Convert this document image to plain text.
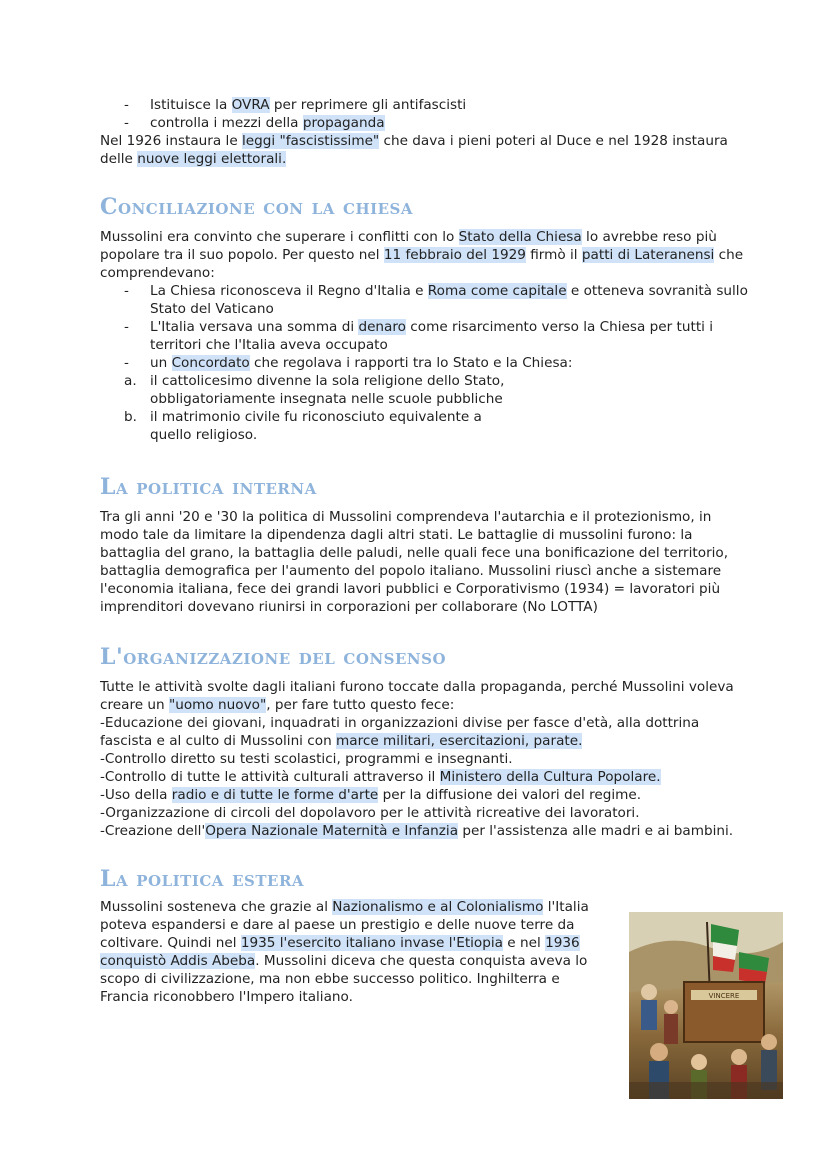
- Istituisce la OVRA per reprimere gli antifascisti
- controlla i mezzi della propaganda

Nel 1926 instaura le leggi "fascistissime" che dava i pieni poteri al Duce e nel 1928 instaura delle nuove leggi elettorali.

Conciliazione con la chiesa

Mussolini era convinto che superare i conflitti con lo Stato della Chiesa lo avrebbe reso più popolare tra il suo popolo. Per questo nel 11 febbraio del 1929 firmò il patti di Lateranensi che comprendevano:

- La Chiesa riconosceva il Regno d'Italia e Roma come capitale e otteneva sovranità sullo Stato del Vaticano
- L'Italia versava una somma di denaro come risarcimento verso la Chiesa per tutti i territori che l'Italia aveva occupato
- un Concordato che regolava i rapporti tra lo Stato e la Chiesa:
a. il cattolicesimo divenne la sola religione dello Stato, obbligatoriamente insegnata nelle scuole pubbliche
b. il matrimonio civile fu riconosciuto equivalente a quello religioso.
La politica interna

Tra gli anni '20 e '30 la politica di Mussolini comprendeva l'autarchia e il protezionismo, in modo tale da limitare la dipendenza dagli altri stati. Le battaglie di mussolini furono: la battaglia del grano, la battaglia delle paludi, nelle quali fece una bonificazione del territorio, battaglia demografica per l'aumento del popolo italiano. Mussolini riuscì anche a sistemare l'economia italiana, fece dei grandi lavori pubblici e Corporativismo (1934) = lavoratori più imprenditori dovevano riunirsi in corporazioni per collaborare (No LOTTA)

L'organizzazione del consenso
Tutte le attività svolte dagli italiani furono toccate dalla propaganda, perché Mussolini voleva creare un "uomo nuovo", per fare tutto questo fece:
-Educazione dei giovani, inquadrati in organizzazioni divise per fasce d'età, alla dottrina fascista e al culto di Mussolini con marce militari, esercitazioni, parate.
-Controllo diretto su testi scolastici, programmi e insegnanti.
-Controllo di tutte le attività culturali attraverso il Ministero della Cultura Popolare.
-Uso della radio e di tutte le forme d'arte per la diffusione dei valori del regime.
-Organizzazione di circoli del dopolavoro per le attività ricreative dei lavoratori.
-Creazione dell'Opera Nazionale Maternità e Infanzia per l'assistenza alle madri e ai bambini.
La politica estera

Mussolini sosteneva che grazie al Nazionalismo e al Colonialismo l'Italia poteva espandersi e dare al paese un prestigio e delle nuove terre da coltivare. Quindi nel 1935 l'esercito italiano invase l'Etiopia e nel 1936 conquistò Addis Abeba. Mussolini diceva che questa conquista aveva lo scopo di civilizzazione, ma non ebbe successo politico. Inghilterra e Francia riconobbero l'Impero italiano.	VINCERE
